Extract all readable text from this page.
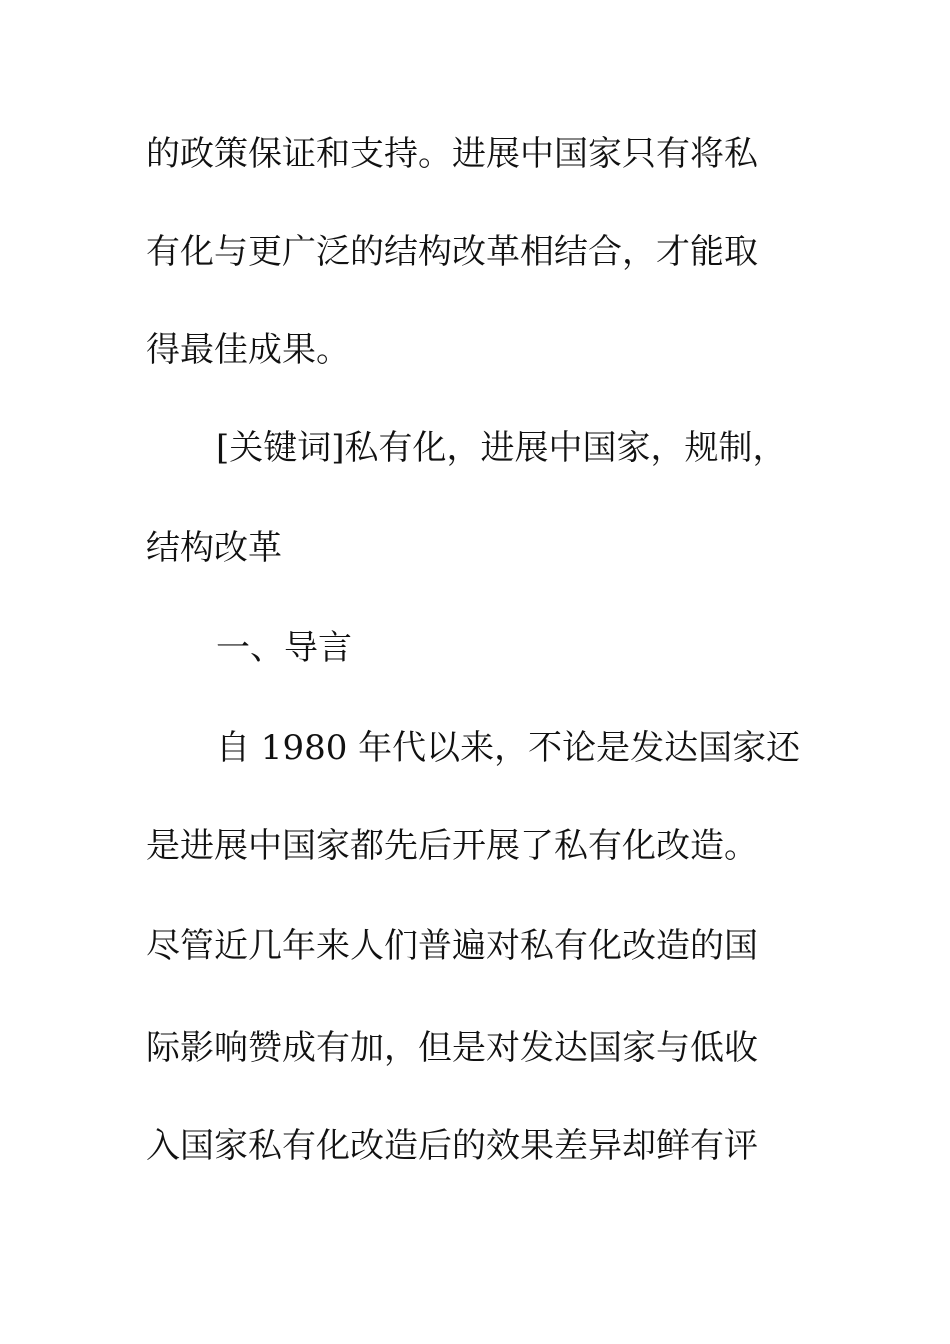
的政策保证和支持。进展中国家只有将私
有化与更广泛的结构改革相结合，才能取
得最佳成果。
[关键词]私有化，进展中国家，规制，
结构改革
一、导言
自 1980 年代以来，不论是发达国家还
是进展中国家都先后开展了私有化改造。
尽管近几年来人们普遍对私有化改造的国
际影响赞成有加，但是对发达国家与低收
入国家私有化改造后的效果差异却鲜有评
